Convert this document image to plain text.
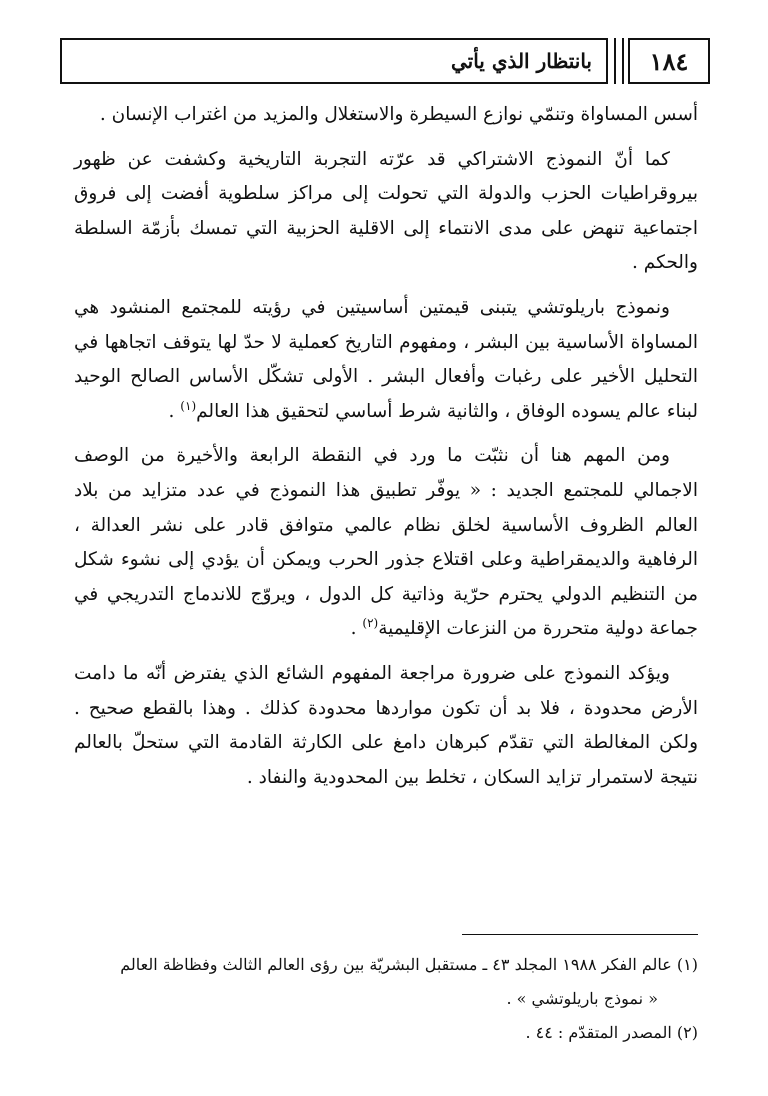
١٨٤
بانتظار الذي يأتي

أسس المساواة وتنمّي نوازع السيطرة والاستغلال والمزيد من اغتراب الإنسان .

كما أنّ النموذج الاشتراكي قد عرّته التجربة التاريخية وكشفت عن ظهور بيروقراطيات الحزب والدولة التي تحولت إلى مراكز سلطوية أفضت إلى فروق اجتماعية تنهض على مدى الانتماء إلى الاقلية الحزبية التي تمسك بأزمّة السلطة والحكم .

ونموذج باريلوتشي يتبنى قيمتين أساسيتين في رؤيته للمجتمع المنشود هي المساواة الأساسية بين البشر ، ومفهوم التاريخ كعملية لا حدّ لها يتوقف اتجاهها في التحليل الأخير على رغبات وأفعال البشر . الأولى تشكّل الأساس الصالح الوحيد لبناء عالم يسوده الوفاق ، والثانية شرط أساسي لتحقيق هذا العالم$^{(١)}$ .

ومن المهم هنا أن نثبّت ما ورد في النقطة الرابعة والأخيرة من الوصف الاجمالي للمجتمع الجديد : « يوفّر تطبيق هذا النموذج في عدد متزايد من بلاد العالم الظروف الأساسية لخلق نظام عالمي متوافق قادر على نشر العدالة ، الرفاهية والديمقراطية وعلى اقتلاع جذور الحرب ويمكن أن يؤدي إلى نشوء شكل من التنظيم الدولي يحترم حرّية وذاتية كل الدول ، ويروّج للاندماج التدريجي في جماعة دولية متحررة من النزعات الإقليمية$^{(٢)}$ .

ويؤكد النموذج على ضرورة مراجعة المفهوم الشائع الذي يفترض أنّه ما دامت الأرض محدودة ، فلا بد أن تكون مواردها محدودة كذلك . وهذا بالقطع صحيح . ولكن المغالطة التي تقدّم كبرهان دامغ على الكارثة القادمة التي ستحلّ بالعالم نتيجة لاستمرار تزايد السكان ، تخلط بين المحدودية والنفاد .

(١) عالم الفكر ١٩٨٨ المجلد ٤٣ ـ مستقبل البشريّة بين رؤى العالم الثالث وفظاظة العالم

« نموذج باريلوتشي » .

(٢) المصدر المتقدّم : ٤٤ .
